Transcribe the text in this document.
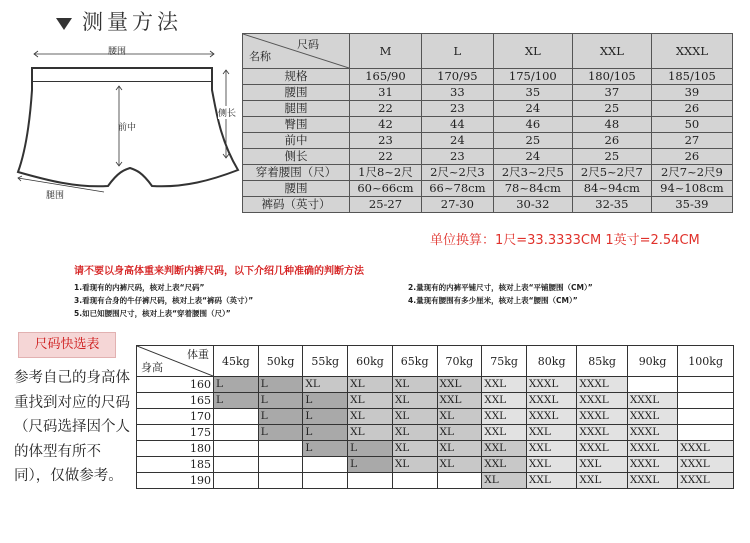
测量方法
腰围
侧长
前中
腿围
尺码
名称	M	L	XL	XXL	XXXL
规格	165/90	170/95	175/100	180/105	185/105
腰围	31	33	35	37	39
腿围	22	23	24	25	26
臀围	42	44	46	48	50
前中	23	24	25	26	27
侧长	22	23	24	25	26
穿着腰围（尺）	1尺8~2尺	2尺~2尺3	2尺3~2尺5	2尺5~2尺7	2尺7~2尺9
腰围	60~66cm	66~78cm	78~84cm	84~94cm	94~108cm
裤码（英寸）	25-27	27-30	30-32	32-35	35-39
单位换算：1尺=33.3333CM 1英寸=2.54CM
请不要以身高体重来判断内裤尺码，以下介绍几种准确的判断方法
1.看现有的内裤尺码，核对上表“尺码”	2.量现有的内裤平铺尺寸，核对上表“平铺腰围（CM）”
3.看现有合身的牛仔裤尺码，核对上表“裤码（英寸）”	4.量现有腰围有多少厘米，核对上表“腰围（CM）”
5.如已知腰围尺寸，核对上表“穿着腰围（尺）”
尺码快选表
参考自己的身高体重找到对应的尺码（尺码选择因个人的体型有所不同），仅做参考。
体重
身高	45kg	50kg	55kg	60kg	65kg	70kg	75kg	80kg	85kg	90kg	100kg
160	L	L	XL	XL	XL	XXL	XXL	XXXL	XXXL		
165	L	L	L	XL	XL	XXL	XXL	XXXL	XXXL	XXXL	
170		L	L	XL	XL	XL	XXL	XXXL	XXXL	XXXL	
175		L	L	XL	XL	XL	XXL	XXL	XXXL	XXXL	
180			L	L	XL	XL	XXL	XXL	XXXL	XXXL	XXXL
185				L	XL	XL	XXL	XXL	XXL	XXXL	XXXL
190							XL	XXL	XXL	XXXL	XXXL
